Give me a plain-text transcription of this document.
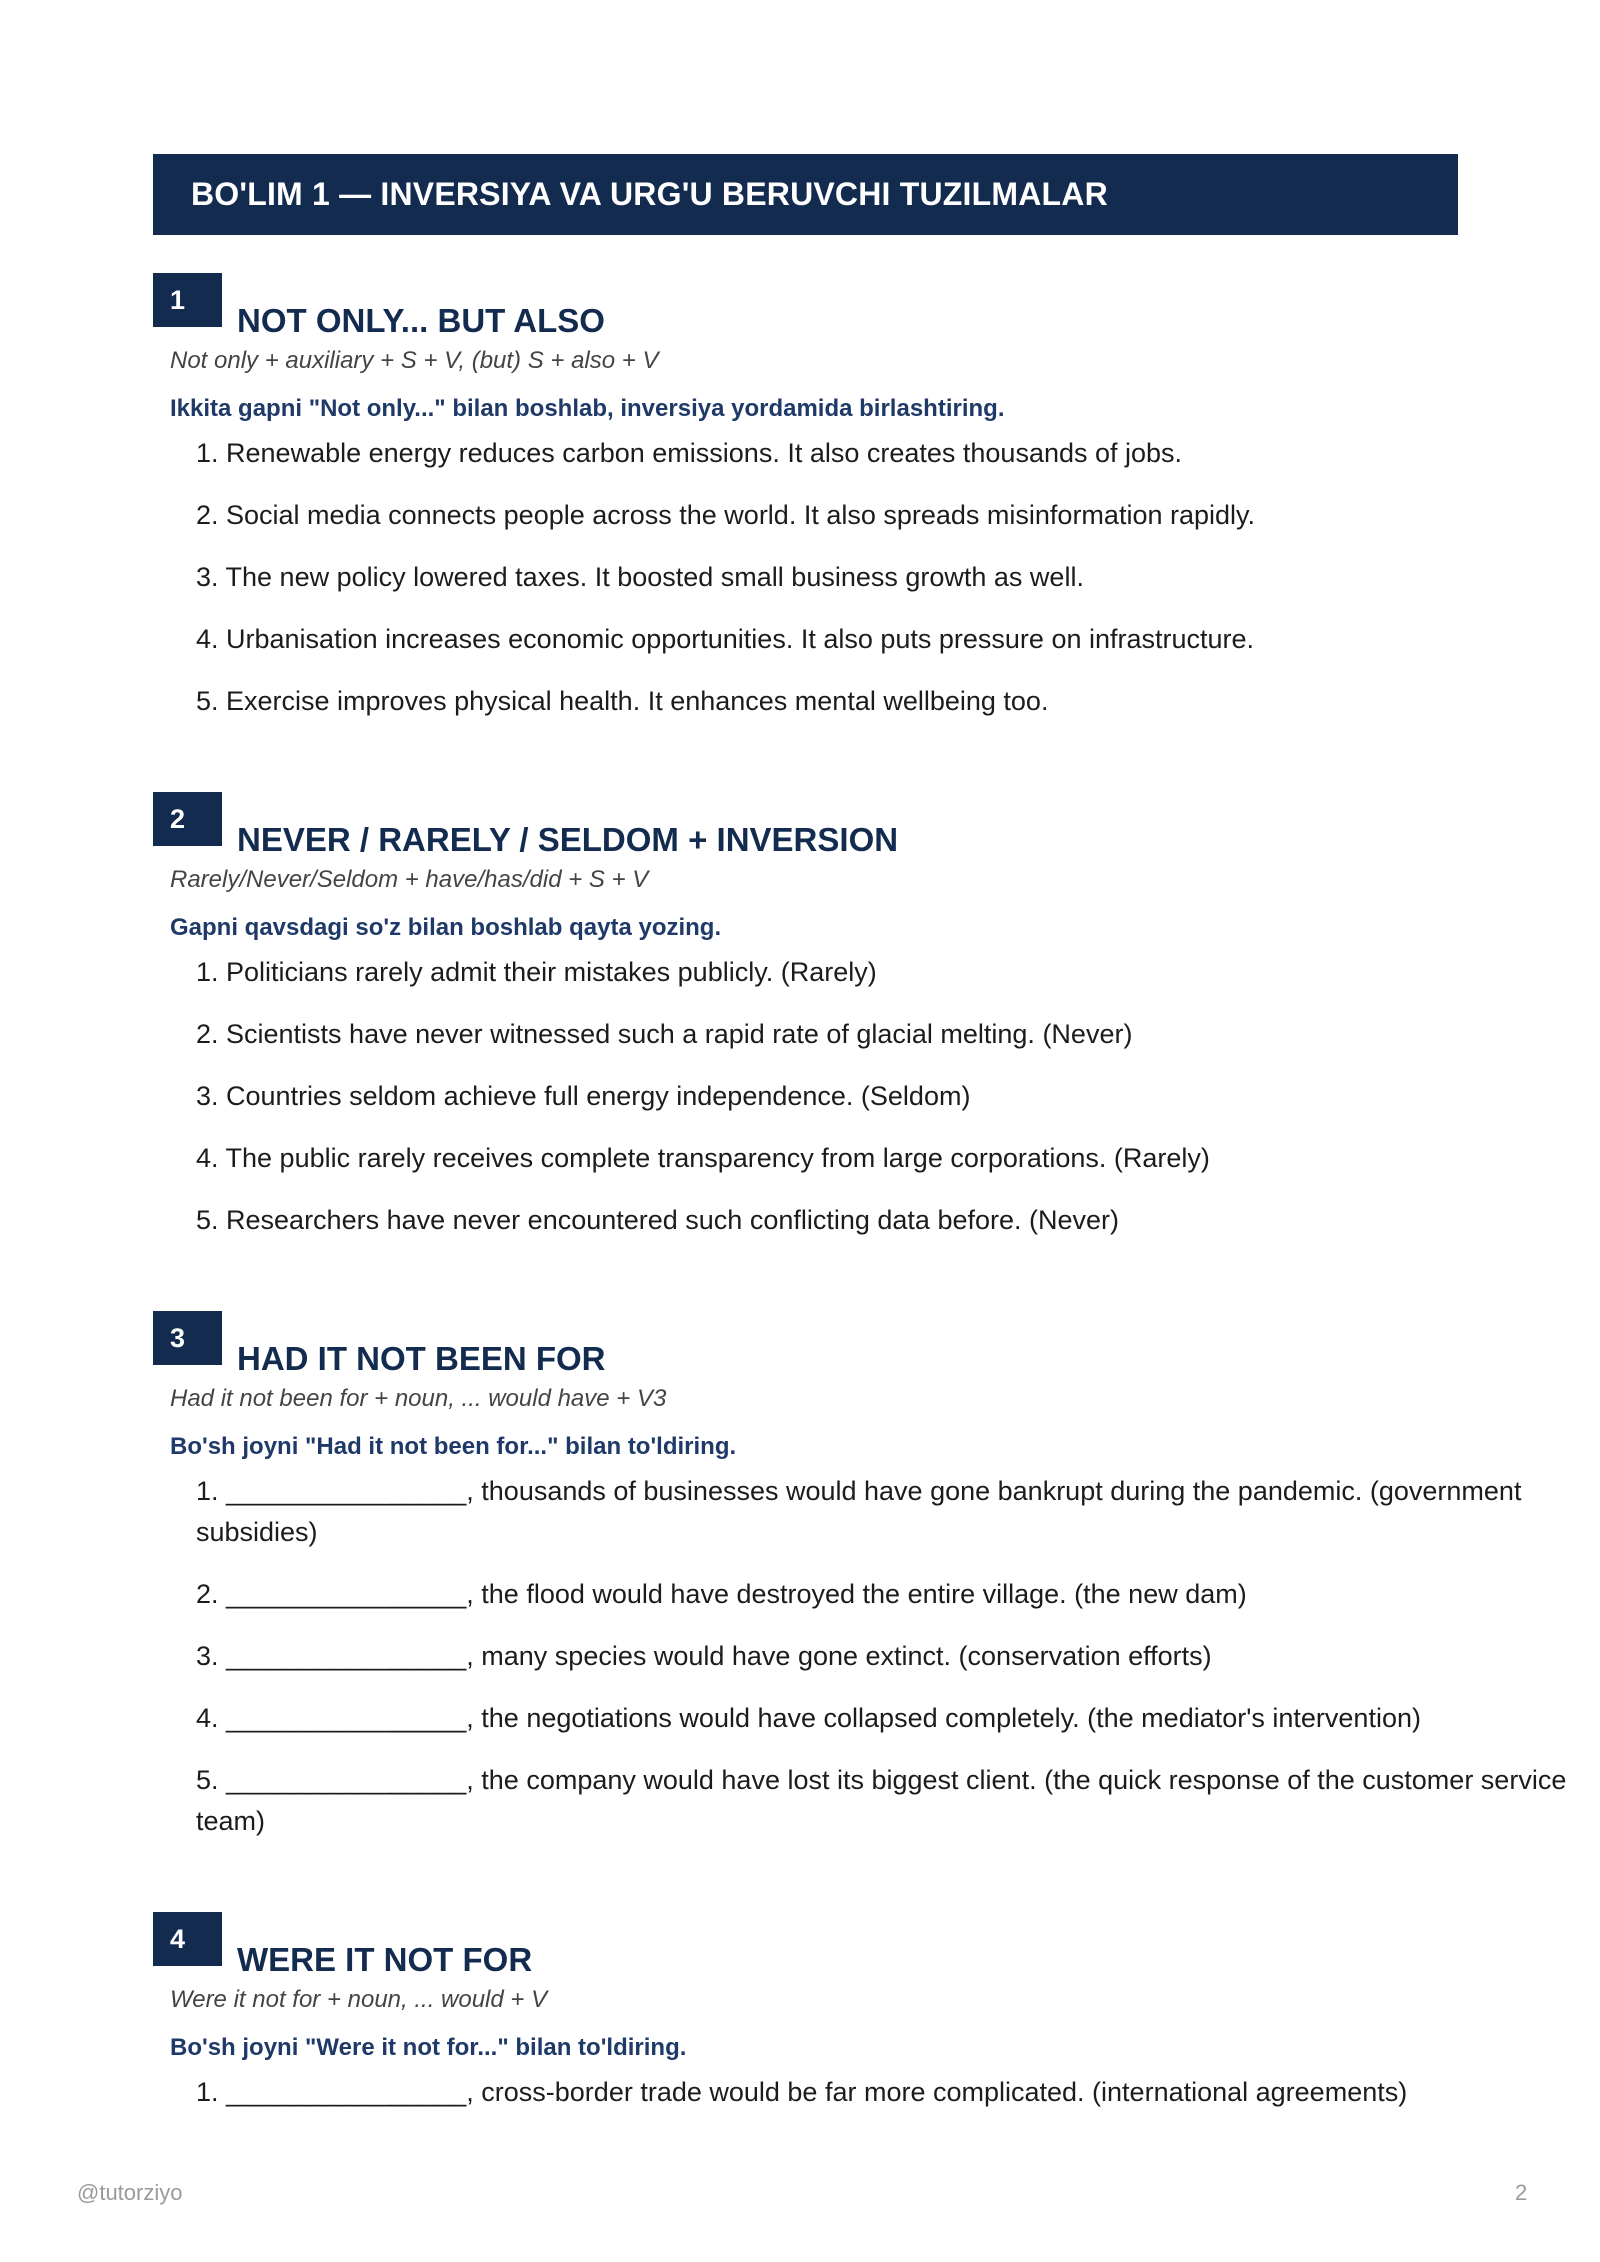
BO'LIM 1 — INVERSIYA VA URG'U BERUVCHI TUZILMALAR
1
NOT ONLY... BUT ALSO
Not only + auxiliary + S + V, (but) S + also + V
Ikkita gapni "Not only..." bilan boshlab, inversiya yordamida birlashtiring.
1. Renewable energy reduces carbon emissions. It also creates thousands of jobs.
2. Social media connects people across the world. It also spreads misinformation rapidly.
3. The new policy lowered taxes. It boosted small business growth as well.
4. Urbanisation increases economic opportunities. It also puts pressure on infrastructure.
5. Exercise improves physical health. It enhances mental wellbeing too.
2
NEVER / RARELY / SELDOM + INVERSION
Rarely/Never/Seldom + have/has/did + S + V
Gapni qavsdagi so'z bilan boshlab qayta yozing.
1. Politicians rarely admit their mistakes publicly. (Rarely)
2. Scientists have never witnessed such a rapid rate of glacial melting. (Never)
3. Countries seldom achieve full energy independence. (Seldom)
4. The public rarely receives complete transparency from large corporations. (Rarely)
5. Researchers have never encountered such conflicting data before. (Never)
3
HAD IT NOT BEEN FOR
Had it not been for + noun, ... would have + V3
Bo'sh joyni "Had it not been for..." bilan to'ldiring.
1. ________________, thousands of businesses would have gone bankrupt during the pandemic. (government subsidies)
2. ________________, the flood would have destroyed the entire village. (the new dam)
3. ________________, many species would have gone extinct. (conservation efforts)
4. ________________, the negotiations would have collapsed completely. (the mediator's intervention)
5. ________________, the company would have lost its biggest client. (the quick response of the customer service team)
4
WERE IT NOT FOR
Were it not for + noun, ... would + V
Bo'sh joyni "Were it not for..." bilan to'ldiring.
1. ________________, cross-border trade would be far more complicated. (international agreements)
@tutorziyo	2
